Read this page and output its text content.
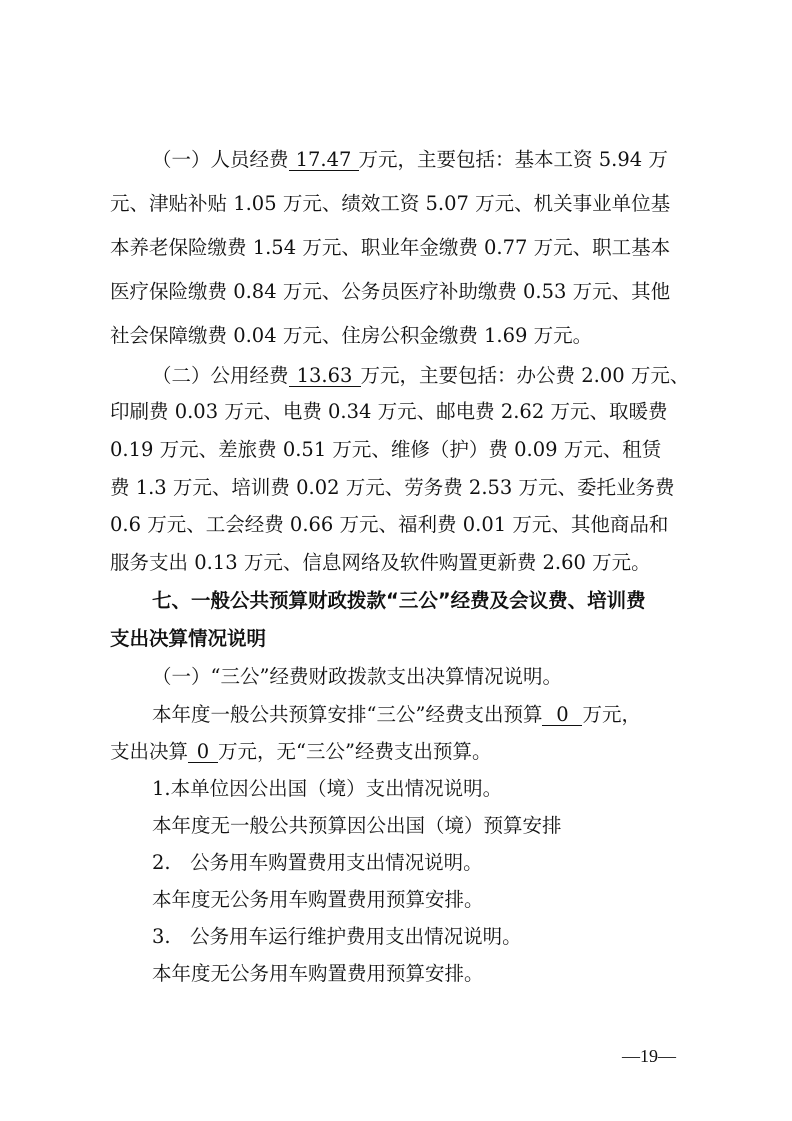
（一）人员经费 17.47 万元，主要包括：基本工资 5.94 万
元、津贴补贴 1.05 万元、绩效工资 5.07 万元、机关事业单位基
本养老保险缴费 1.54 万元、职业年金缴费 0.77 万元、职工基本
医疗保险缴费 0.84 万元、公务员医疗补助缴费 0.53 万元、其他
社会保障缴费 0.04 万元、住房公积金缴费 1.69 万元。
（二）公用经费 13.63 万元，主要包括：办公费 2.00 万元、
印刷费 0.03 万元、电费 0.34 万元、邮电费 2.62 万元、取暖费
0.19 万元、差旅费 0.51 万元、维修（护）费 0.09 万元、租赁
费 1.3 万元、培训费 0.02 万元、劳务费 2.53 万元、委托业务费
0.6 万元、工会经费 0.66 万元、福利费 0.01 万元、其他商品和
服务支出 0.13 万元、信息网络及软件购置更新费 2.60 万元。
七、一般公共预算财政拨款“三公”经费及会议费、培训费
支出决算情况说明
（一）“三公”经费财政拨款支出决算情况说明。
本年度一般公共预算安排“三公”经费支出预算 0 万元，
支出决算 0 万元，无“三公”经费支出预算。
1.本单位因公出国（境）支出情况说明。
本年度无一般公共预算因公出国（境）预算安排
2.　公务用车购置费用支出情况说明。
本年度无公务用车购置费用预算安排。
3.　公务用车运行维护费用支出情况说明。
本年度无公务用车购置费用预算安排。
—19—
